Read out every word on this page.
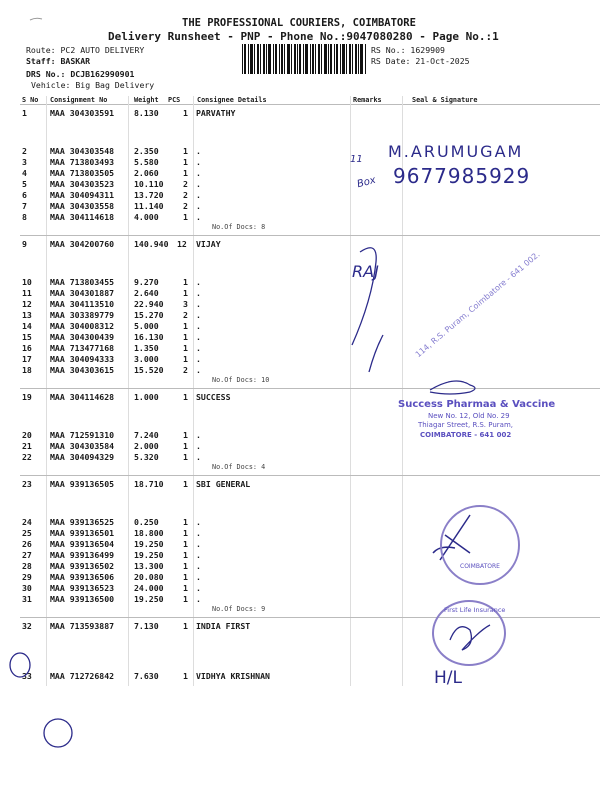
THE PROFESSIONAL COURIERS, COIMBATORE
Delivery Runsheet - PNP - Phone No.:9047080280 - Page No.:1
Route: PC2 AUTO DELIVERY
Staff: BASKAR
DRS No.: DCJB162990901
Vehicle: Big Bag Delivery
RS No.: 1629909
RS Date: 21-Oct-2025
S No Consignment No	Weight PCS Consignee Details	Remarks	Seal & Signature
1	MAA 304303591 8.130	1 PARVATHY
2	MAA 304303548 2.350	1 .
3	MAA 713803493 5.580	1 .
4	MAA 713803505 2.060	1 .
5	MAA 304303523 10.110 2 .
6	MAA 304094311 13.720 2 .
7	MAA 304303558 11.140 2 .
8	MAA 304114618 4.000	1 .
No.Of Docs: 8
9	MAA 304200760 140.940 12 VIJAY
10 MAA 713803455 9.270	1 .
11 MAA 304301887 2.640	1 .
12 MAA 304113510 22.940 3 .
13 MAA 303389779 15.270 2 .
14 MAA 304008312 5.000	1 .
15 MAA 304300439 16.130 1 .
16 MAA 713477168 1.350	1 .
17 MAA 304094333 3.000	1 .
18 MAA 304303615 15.520 2 .
No.Of Docs: 10
19 MAA 304114628 1.000	1 SUCCESS
20 MAA 712591310 7.240	1 .
21 MAA 304303584 2.000	1 .
22 MAA 304094329 5.320	1 .
No.Of Docs: 4
23 MAA 939136505 18.710 1 SBI GENERAL
24 MAA 939136525 0.250	1 .
25 MAA 939136501 18.800 1 .
26 MAA 939136504 19.250 1 .
27 MAA 939136499 19.250 1 .
28 MAA 939136502 13.300 1 .
29 MAA 939136506 20.080 1 .
30 MAA 939136523 24.000 1 .
31 MAA 939136500 19.250 1 .
No.Of Docs: 9
32 MAA 713593887 7.130	1 INDIA FIRST
33 MAA 712726842 7.630	1 VIDHYA KRISHNAN
M.ARUMUGAM
9677985929
11
Box
RAJ
H/L
114, R.S. Puram, Coimbatore - 641 002.
Success Pharmaa & Vaccine
New No. 12, Old No. 29
Thiagar Street, R.S. Puram,
COIMBATORE - 641 002
COIMBATORE
First Life Insurance
